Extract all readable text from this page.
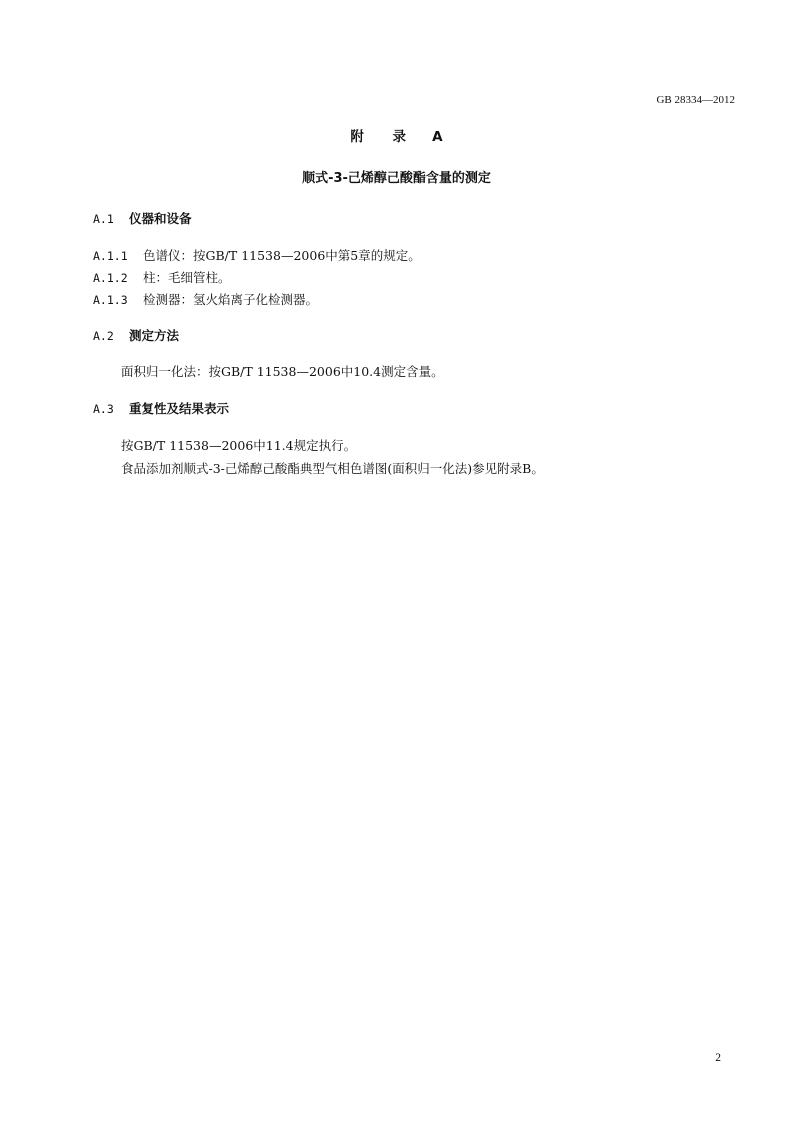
GB 28334—2012
附 录 A
顺式-3-己烯醇己酸酯含量的测定
A.1 仪器和设备
A.1.1 色谱仪：按GB/T 11538—2006中第5章的规定。
A.1.2 柱：毛细管柱。
A.1.3 检测器：氢火焰离子化检测器。
A.2 测定方法
面积归一化法：按GB/T 11538—2006中10.4测定含量。
A.3 重复性及结果表示
按GB/T 11538—2006中11.4规定执行。
食品添加剂顺式-3-己烯醇己酸酯典型气相色谱图(面积归一化法)参见附录B。
2
